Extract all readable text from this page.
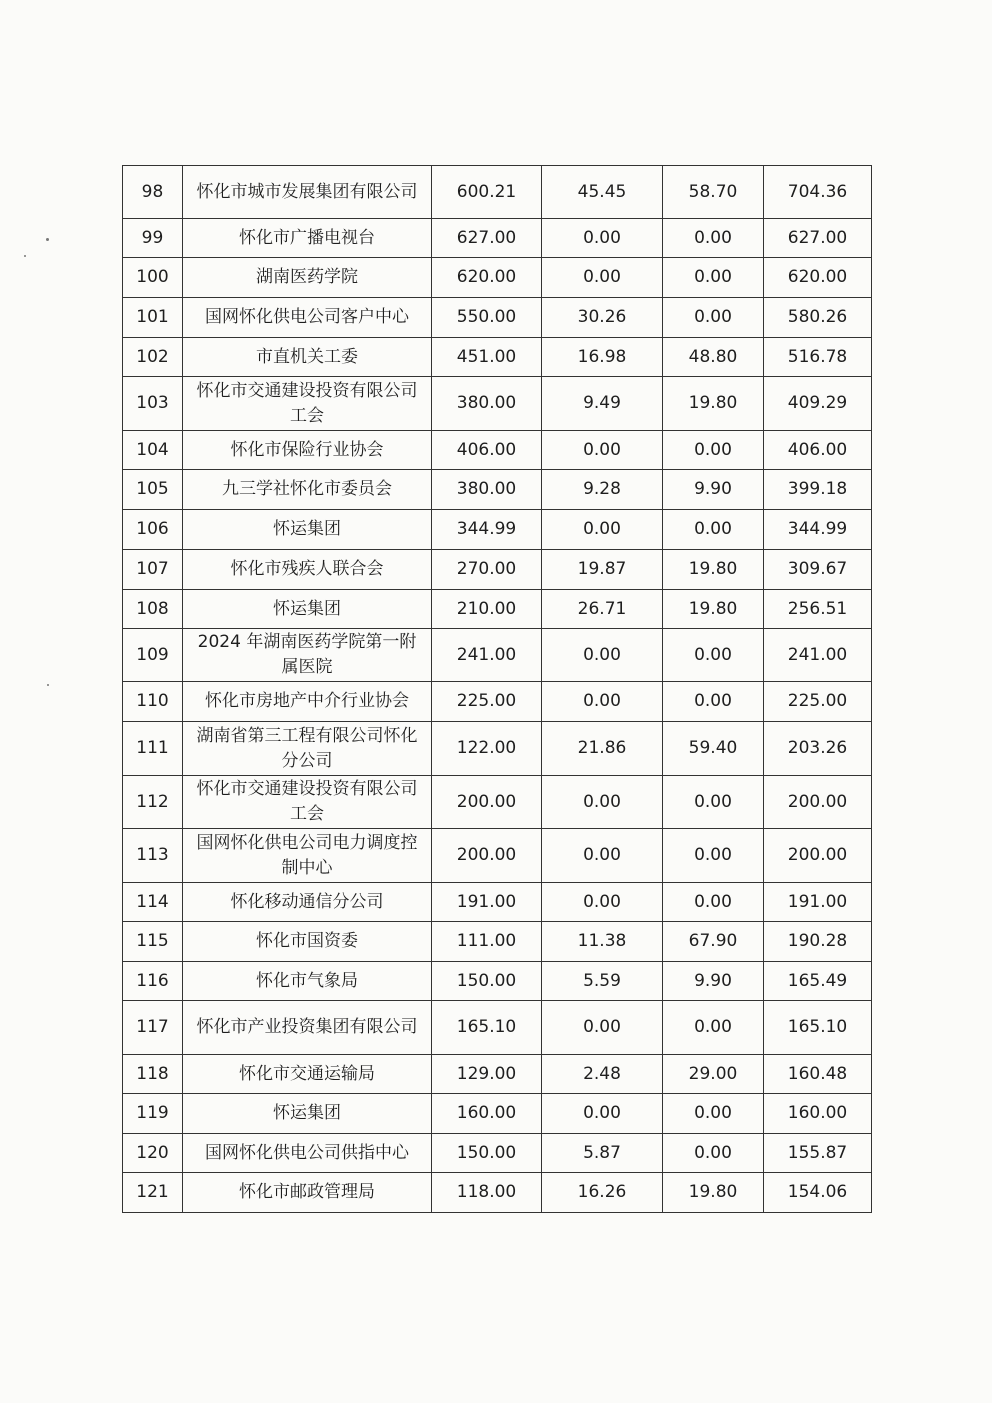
98	怀化市城市发展集团有限公司	600.21	45.45	58.70	704.36
99	怀化市广播电视台	627.00	0.00	0.00	627.00
100	湖南医药学院	620.00	0.00	0.00	620.00
101	国网怀化供电公司客户中心	550.00	30.26	0.00	580.26
102	市直机关工委	451.00	16.98	48.80	516.78
103	怀化市交通建设投资有限公司工会	380.00	9.49	19.80	409.29
104	怀化市保险行业协会	406.00	0.00	0.00	406.00
105	九三学社怀化市委员会	380.00	9.28	9.90	399.18
106	怀运集团	344.99	0.00	0.00	344.99
107	怀化市残疾人联合会	270.00	19.87	19.80	309.67
108	怀运集团	210.00	26.71	19.80	256.51
109	2024 年湖南医药学院第一附属医院	241.00	0.00	0.00	241.00
110	怀化市房地产中介行业协会	225.00	0.00	0.00	225.00
111	湖南省第三工程有限公司怀化分公司	122.00	21.86	59.40	203.26
112	怀化市交通建设投资有限公司工会	200.00	0.00	0.00	200.00
113	国网怀化供电公司电力调度控制中心	200.00	0.00	0.00	200.00
114	怀化移动通信分公司	191.00	0.00	0.00	191.00
115	怀化市国资委	111.00	11.38	67.90	190.28
116	怀化市气象局	150.00	5.59	9.90	165.49
117	怀化市产业投资集团有限公司	165.10	0.00	0.00	165.10
118	怀化市交通运输局	129.00	2.48	29.00	160.48
119	怀运集团	160.00	0.00	0.00	160.00
120	国网怀化供电公司供指中心	150.00	5.87	0.00	155.87
121	怀化市邮政管理局	118.00	16.26	19.80	154.06
